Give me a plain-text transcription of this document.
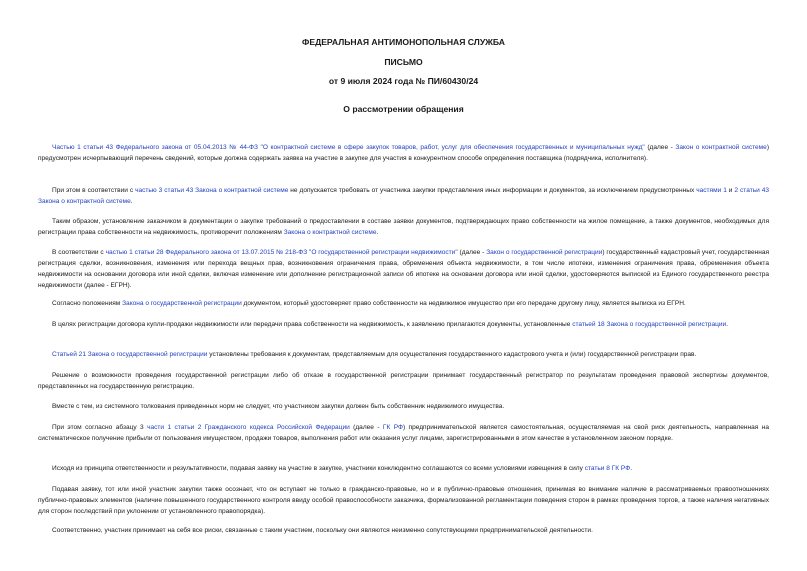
ФЕДЕРАЛЬНАЯ АНТИМОНОПОЛЬНАЯ СЛУЖБА
ПИСЬМО
от 9 июля 2024 года № ПИ/60430/24
О рассмотрении обращения
Частью 1 статьи 43 Федерального закона от 05.04.2013 № 44-ФЗ "О контрактной системе в сфере закупок товаров, работ, услуг для обеспечения государственных и муниципальных нужд" (далее - Закон о контрактной системе) предусмотрен исчерпывающий перечень сведений, которые должна содержать заявка на участие в закупке для участия в конкурентном способе определения поставщика (подрядчика, исполнителя).
При этом в соответствии с частью 3 статьи 43 Закона о контрактной системе не допускается требовать от участника закупки представления иных информации и документов, за исключением предусмотренных частями 1 и 2 статьи 43 Закона о контрактной системе.
Таким образом, установление заказчиком в документации о закупке требований о предоставлении в составе заявки документов, подтверждающих право собственности на жилое помещение, а также документов, необходимых для регистрации права собственности на недвижимость, противоречит положениям Закона о контрактной системе.
В соответствии с частью 1 статьи 28 Федерального закона от 13.07.2015 № 218-ФЗ "О государственной регистрации недвижимости" (далее - Закон о государственной регистрации) государственный кадастровый учет, государственная регистрация сделки, возникновения, изменения или перехода вещных прав, возникновения ограничения права, обременения объекта недвижимости, в том числе ипотеки, изменения ограничения права, обременения объекта недвижимости на основании договора или иной сделки, включая изменение или дополнение регистрационной записи об ипотеке на основании договора или иной сделки, удостоверяются выпиской из Единого государственного реестра недвижимости (далее - ЕГРН).
Согласно положениям Закона о государственной регистрации документом, который удостоверяет право собственности на недвижимое имущество при его передаче другому лицу, является выписка из ЕГРН.
В целях регистрации договора купли-продажи недвижимости или передачи права собственности на недвижимость, к заявлению прилагаются документы, установленные статьей 18 Закона о государственной регистрации.
Статьей 21 Закона о государственной регистрации установлены требования к документам, представляемым для осуществления государственного кадастрового учета и (или) государственной регистрации прав.
Решение о возможности проведения государственной регистрации либо об отказе в государственной регистрации принимает государственный регистратор по результатам проведения правовой экспертизы документов, представленных на государственную регистрацию.
Вместе с тем, из системного толкования приведенных норм не следует, что участником закупки должен быть собственник недвижимого имущества.
При этом согласно абзацу 3 части 1 статьи 2 Гражданского кодекса Российской Федерации (далее - ГК РФ) предпринимательской является самостоятельная, осуществляемая на свой риск деятельность, направленная на систематическое получение прибыли от пользования имуществом, продажи товаров, выполнения работ или оказания услуг лицами, зарегистрированными в этом качестве в установленном законом порядке.
Исходя из принципа ответственности и результативности, подавая заявку на участие в закупке, участники конклюдентно соглашаются со всеми условиями извещения в силу статьи 8 ГК РФ.
Подавая заявку, тот или иной участник закупки также осознает, что он вступает не только в гражданско-правовые, но и в публично-правовые отношения, принимая во внимание наличие в рассматриваемых правоотношениях публично-правовых элементов (наличие повышенного государственного контроля ввиду особой правоспособности заказчика, формализованной регламентации поведения сторон в рамках проведения торгов, а также наличия негативных для сторон последствий при уклонении от установленного правопорядка).
Соответственно, участник принимает на себя все риски, связанные с таким участием, поскольку они являются неизменно сопутствующими предпринимательской деятельности.
